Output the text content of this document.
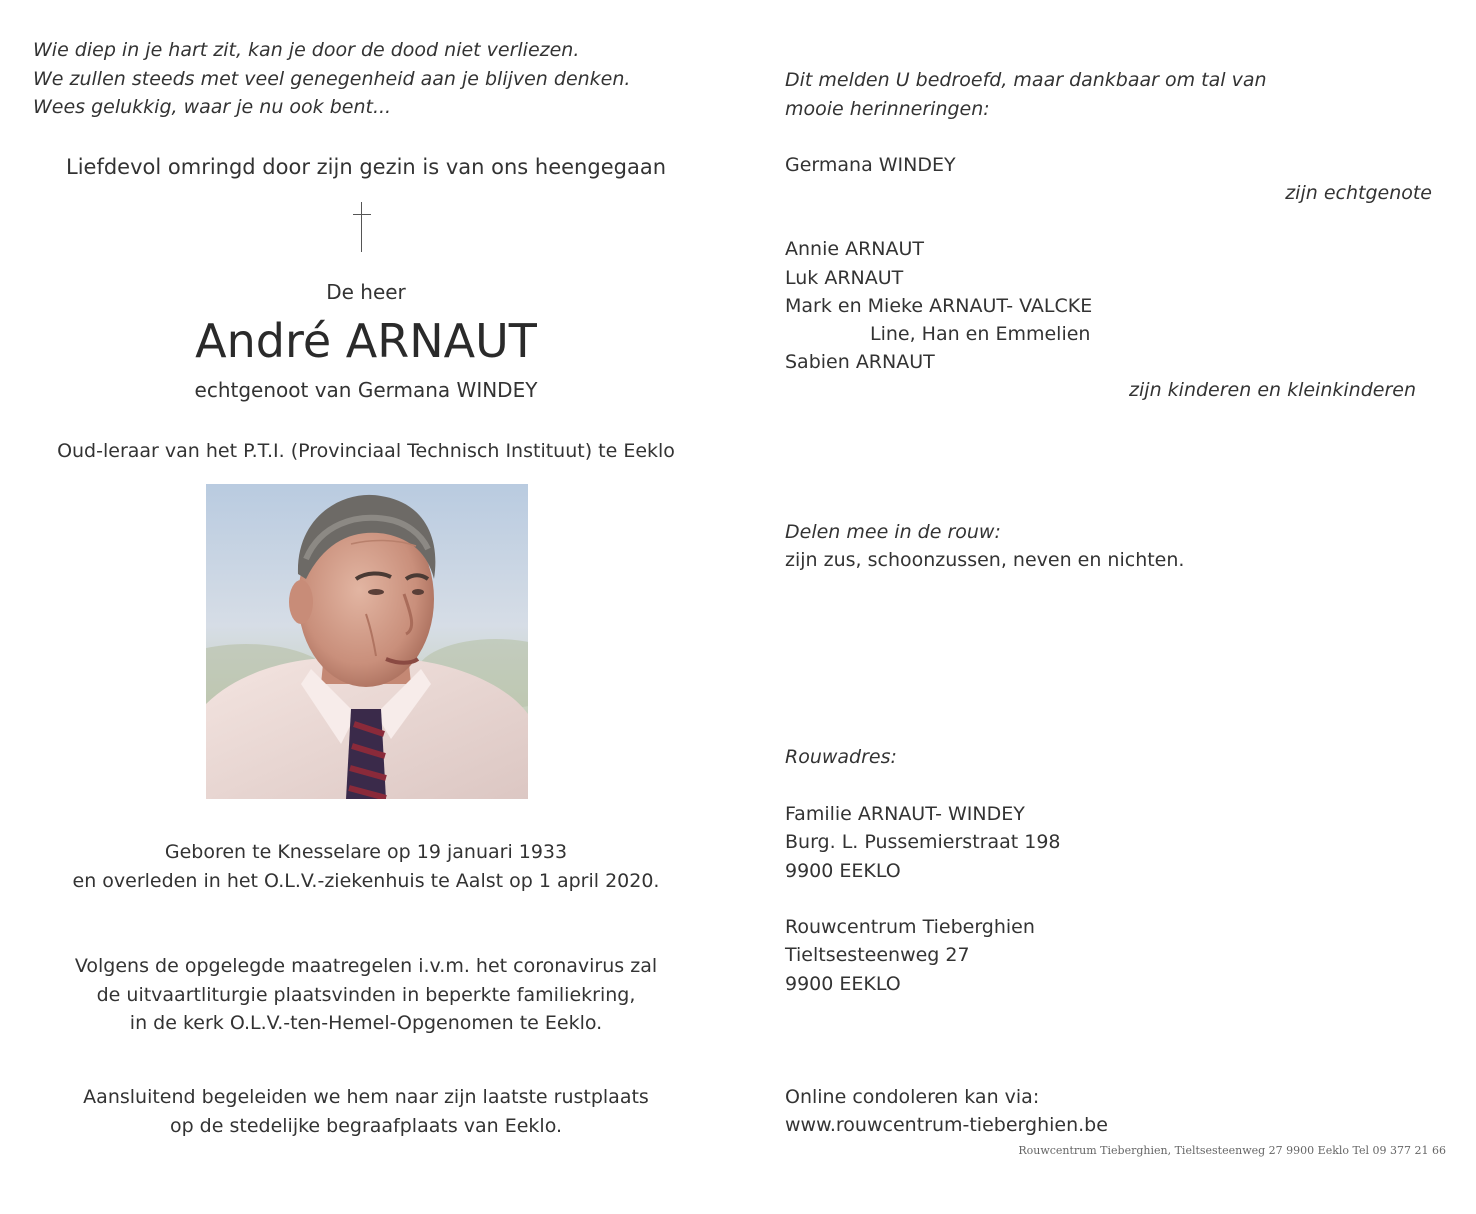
Wie diep in je hart zit, kan je door de dood niet verliezen.
We zullen steeds met veel genegenheid aan je blijven denken.
Wees gelukkig, waar je nu ook bent...
Liefdevol omringd door zijn gezin is van ons heengegaan
De heer
André ARNAUT
echtgenoot van Germana WINDEY
Oud-leraar van het P.T.I. (Provinciaal Technisch Instituut) te Eeklo
Geboren te Knesselare op 19 januari 1933
en overleden in het O.L.V.-ziekenhuis te Aalst op 1 april 2020.
Volgens de opgelegde maatregelen i.v.m. het coronavirus zal
de uitvaartliturgie plaatsvinden in beperkte familiekring,
in de kerk O.L.V.-ten-Hemel-Opgenomen te Eeklo.
Aansluitend begeleiden we hem naar zijn laatste rustplaats
op de stedelijke begraafplaats van Eeklo.
Dit melden U bedroefd, maar dankbaar om tal van
mooie herinneringen:
Germana WINDEY
zijn echtgenote
Annie ARNAUT
Luk ARNAUT
Mark en Mieke ARNAUT- VALCKE
Line, Han en Emmelien
Sabien ARNAUT
zijn kinderen en kleinkinderen
Delen mee in de rouw:
zijn zus, schoonzussen, neven en nichten.
Rouwadres:
Familie ARNAUT- WINDEY
Burg. L. Pussemierstraat 198
9900 EEKLO
Rouwcentrum Tieberghien
Tieltsesteenweg 27
9900 EEKLO
Online condoleren kan via:
www.rouwcentrum-tieberghien.be
Rouwcentrum Tieberghien, Tieltsesteenweg 27 9900 Eeklo Tel 09 377 21 66
